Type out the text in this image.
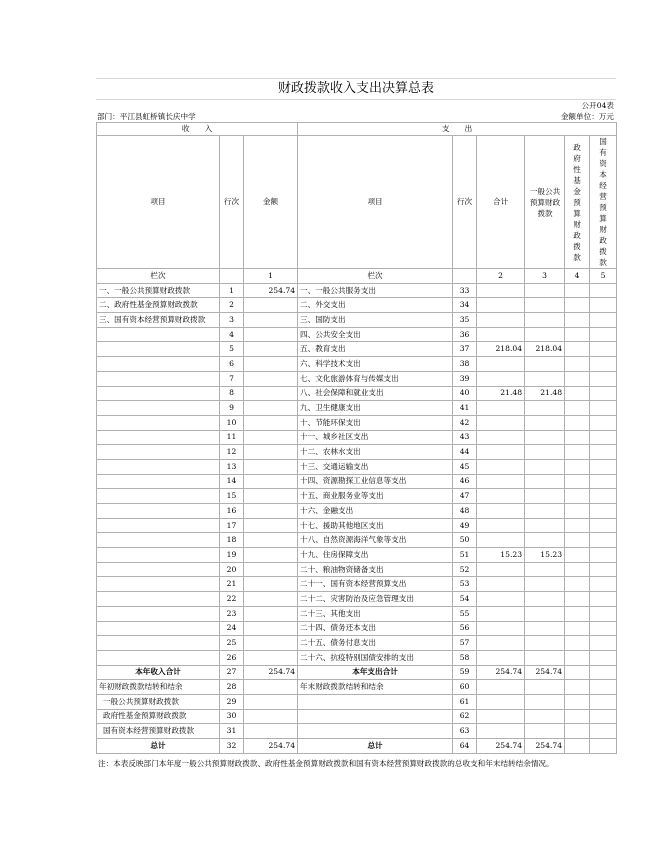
财政拨款收入支出决算总表
公开04表
部门：平江县虹桥镇长庆中学	金额单位：万元
收　　入			支　　出					
项目	行次	金额	项目	行次	合计	一般公共预算财政拨款	政府性基金预算财政拨款	国有资本经营预算财政拨款

栏次		1	栏次		2	3	4	5
一、一般公共预算财政拨款	1	254.74	一、一般公共服务支出	33				
二、政府性基金预算财政拨款	2		二、外交支出	34				
三、国有资本经营预算财政拨款	3		三、国防支出	35				
	4		四、公共安全支出	36				
	5		五、教育支出	37	218.04	218.04		
	6		六、科学技术支出	38				
	7		七、文化旅游体育与传媒支出	39				
	8		八、社会保障和就业支出	40	21.48	21.48		
	9		九、卫生健康支出	41				
	10		十、节能环保支出	42				
	11		十一、城乡社区支出	43				
	12		十二、农林水支出	44				
	13		十三、交通运输支出	45				
	14		十四、资源勘探工业信息等支出	46				
	15		十五、商业服务业等支出	47				
	16		十六、金融支出	48				
	17		十七、援助其他地区支出	49				
	18		十八、自然资源海洋气象等支出	50				
	19		十九、住房保障支出	51	15.23	15.23		
	20		二十、粮油物资储备支出	52				
	21		二十一、国有资本经营预算支出	53				
	22		二十二、灾害防治及应急管理支出	54				
	23		二十三、其他支出	55				
	24		二十四、债务还本支出	56				
	25		二十五、债务付息支出	57				
	26		二十六、抗疫特别国债安排的支出	58				
本年收入合计	27	254.74	本年支出合计	59	254.74	254.74		
年初财政拨款结转和结余	28		年末财政拨款结转和结余	60				
一般公共预算财政拨款	29			61				
政府性基金预算财政拨款	30			62				
国有资本经营预算财政拨款	31			63				
总计	32	254.74	总计	64	254.74	254.74		
注：本表反映部门本年度一般公共预算财政拨款、政府性基金预算财政拨款和国有资本经营预算财政拨款的总收支和年末结转结余情况。
